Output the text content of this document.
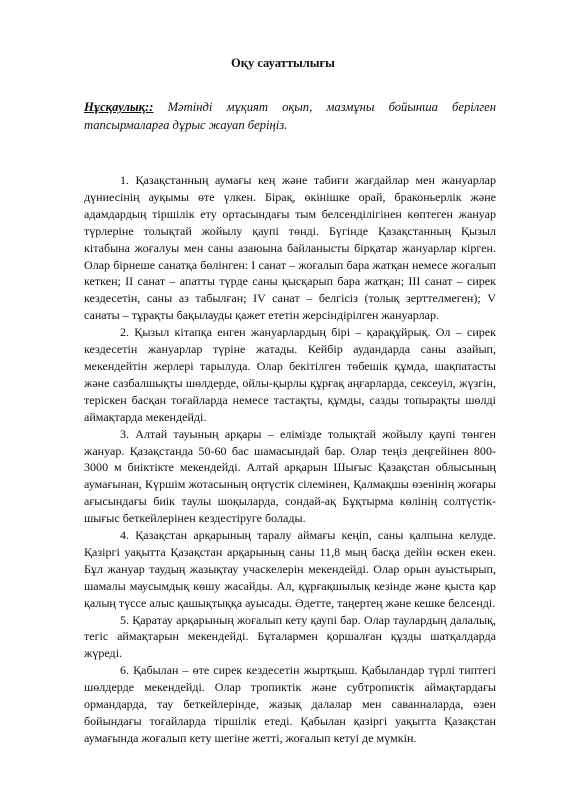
Оқу сауаттылығы
Нұсқаулық:: Мәтінді мұқият оқып, мазмұны бойынша берілген тапсырмаларға дұрыс жауап беріңіз.

1. Қазақстанның аумағы кең және табиғи жағдайлар мен жануарлар дүниесінің ауқымы өте үлкен. Бірақ, өкінішке орай, браконьерлік және адамдардың тіршілік ету ортасындағы тым белсенділігінен көптеген жануар түрлеріне толықтай жойылу қаупі төнді. Бүгінде Қазақстанның Қызыл кітабына жоғалуы мен саны азаюына байланысты бірқатар жануарлар кірген. Олар бірнеше санатқа бөлінген: I санат – жоғалып бара жатқан немесе жоғалып кеткен; II санат – апатты түрде саны қысқарып бара жатқан; III санат – сирек кездесетін, саны аз табылған; IV санат – белгісіз (толық зерттелмеген); V санаты – тұрақты бақылауды қажет ететін жерсіндірілген жануарлар.

2. Қызыл кітапқа енген жануарлардың бірі – қарақұйрық. Ол – сирек кездесетін жануарлар түріне жатады. Кейбір аудандарда саны азайып, мекендейтін жерлері тарылуда. Олар бекітілген төбешік құмда, шақпатасты және сазбалшықты шөлдерде, ойлы-қырлы құрғақ аңғарларда, сексеуіл, жүзгін, терiскен басқан тоғайларда немесе тастақты, құмды, сазды топырақты шөлді аймақтарда мекендейді.

3. Алтай тауының арқары – елімізде толықтай жойылу қаупі төнген жануар. Қазақстанда 50-60 бас шамасындай бар. Олар теңіз деңгейінен 800-3000 м биіктікте мекендейді. Алтай арқарын Шығыс Қазақстан облысының аумағынан, Күршім жотасының оңтүстік сілемінен, Қалмақшы өзенінің жоғары ағысындағы биік таулы шоқыларда, сондай-ақ Бұқтырма көлінің солтүстік-шығыс беткейлерінен кездестіруге болады.

4. Қазақстан арқарының таралу аймағы кеңіп, саны қалпына келуде. Қазіргі уақытта Қазақстан арқарының саны 11,8 мың басқа дейін өскен екен. Бұл жануар таудың жазықтау учаскелерін мекендейді. Олар орын ауыстырып, шамалы маусымдық көшу жасайды. Ал, құрғақшылық кезінде және қыста қар қалың түссе алыс қашықтыққа ауысады. Әдетте, таңертең және кешке белсенді.

5. Қаратау арқарының жоғалып кету қаупі бар. Олар таулардың далалық, тегіс аймақтарын мекендейді. Бұталармен қоршалған құзды шатқалдарда жүреді.

6. Қабылан – өте сирек кездесетін жыртқыш. Қабыландар түрлі типтегі шөлдерде мекендейді. Олар тропиктік және субтропиктік аймақтардағы ормандарда, тау беткейлерінде, жазық далалар мен саванналарда, өзен бойындағы тоғайларда тіршілік етеді. Қабылан қазіргі уақытта Қазақстан аумағында жоғалып кету шегіне жетті, жоғалып кетуі де мүмкін.
